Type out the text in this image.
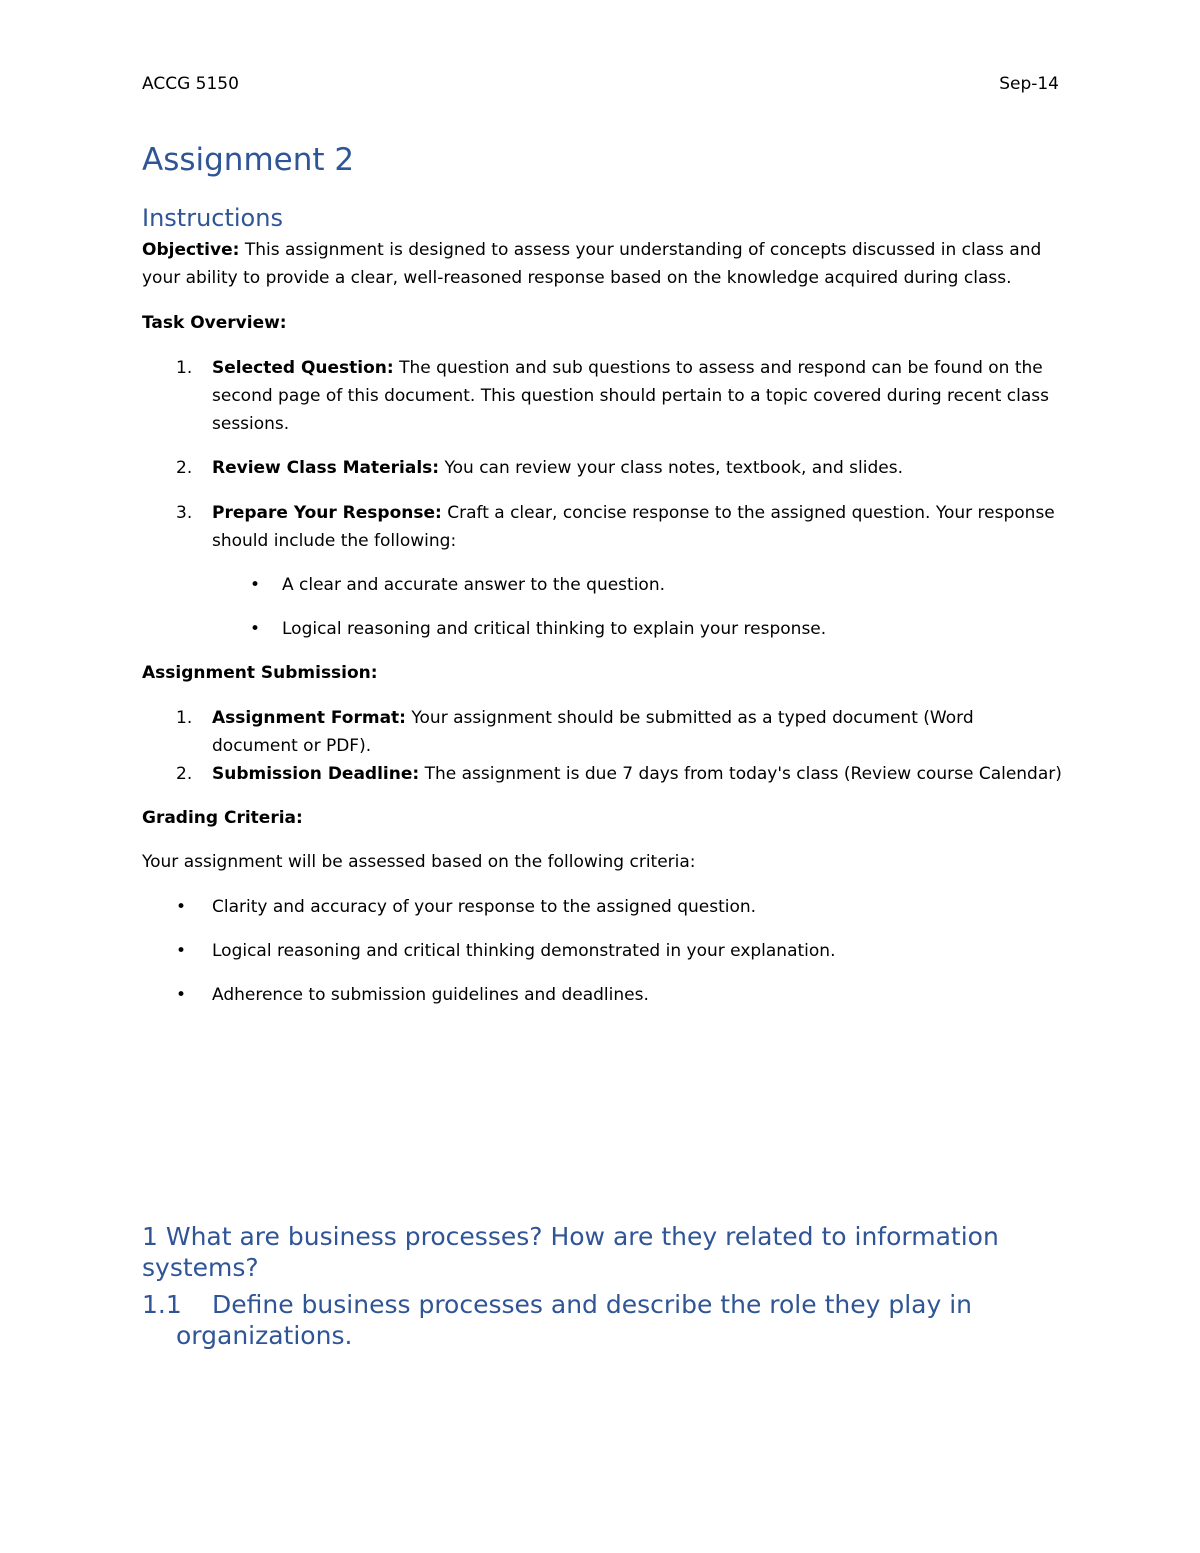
ACCG 5150	Sep-14
Assignment 2
Instructions
Objective: This assignment is designed to assess your understanding of concepts discussed in class and your ability to provide a clear, well-reasoned response based on the knowledge acquired during class.
Task Overview:
1. Selected Question: The question and sub questions to assess and respond can be found on the second page of this document. This question should pertain to a topic covered during recent class sessions.
2. Review Class Materials: You can review your class notes, textbook, and slides.
3. Prepare Your Response: Craft a clear, concise response to the assigned question. Your response should include the following:
• A clear and accurate answer to the question.
• Logical reasoning and critical thinking to explain your response.
Assignment Submission:
1. Assignment Format: Your assignment should be submitted as a typed document (Word document or PDF).
2. Submission Deadline: The assignment is due 7 days from today's class (Review course Calendar)
Grading Criteria:
Your assignment will be assessed based on the following criteria:
• Clarity and accuracy of your response to the assigned question.
• Logical reasoning and critical thinking demonstrated in your explanation.
• Adherence to submission guidelines and deadlines.
1 What are business processes? How are they related to information systems?
1.1	Define business processes and describe the role they play in organizations.
